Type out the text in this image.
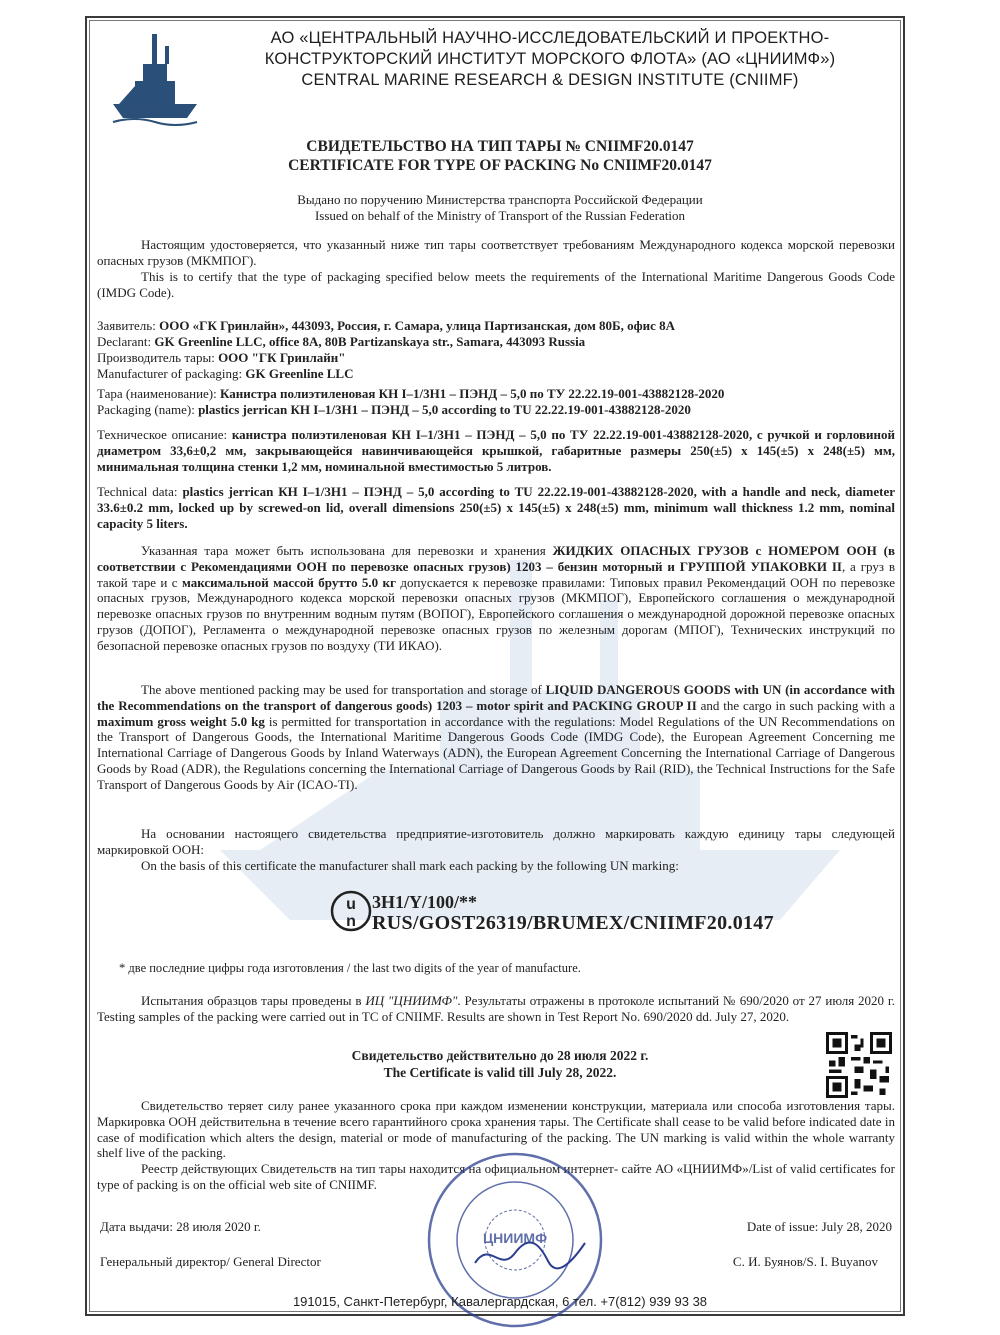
ЦНИИМФ
АО «ЦЕНТРАЛЬНЫЙ НАУЧНО-ИССЛЕДОВАТЕЛЬСКИЙ И ПРОЕКТНО-
КОНСТРУКТОРСКИЙ ИНСТИТУТ МОРСКОГО ФЛОТА» (АО «ЦНИИМФ»)
CENTRAL MARINE RESEARCH & DESIGN INSTITUTE (CNIIMF)
СВИДЕТЕЛЬСТВО НА ТИП ТАРЫ № CNIIMF20.0147
CERTIFICATE FOR TYPE OF PACKING No CNIIMF20.0147
Выдано по поручению Министерства транспорта Российской Федерации
Issued on behalf of the Ministry of Transport of the Russian Federation
Настоящим удостоверяется, что указанный ниже тип тары соответствует требованиям Международного кодекса морской перевозки опасных грузов (МКМПОГ).
This is to certify that the type of packaging specified below meets the requirements of the International Maritime Dangerous Goods Code (IMDG Code).
Заявитель: ООО «ГК Гринлайн», 443093, Россия, г. Самара, улица Партизанская, дом 80Б, офис 8А
Declarant: GK Greenline LLC, office 8A, 80B Partizanskaya str., Samara, 443093 Russia
Производитель тары: ООО "ГК Гринлайн"
Manufacturer of packaging: GK Greenline LLC
Тара (наименование): Канистра полиэтиленовая КН I–1/3Н1 – ПЭНД – 5,0 по ТУ 22.22.19-001-43882128-2020
Packaging (name): plastics jerrican КН I–1/3Н1 – ПЭНД – 5,0 according to TU 22.22.19-001-43882128-2020
Техническое описание: канистра полиэтиленовая КН I–1/3Н1 – ПЭНД – 5,0 по ТУ 22.22.19-001-43882128-2020, с ручкой и горловиной диаметром 33,6±0,2 мм, закрывающейся навинчивающейся крышкой, габаритные размеры 250(±5) х 145(±5) х 248(±5) мм, минимальная толщина стенки 1,2 мм, номинальной вместимостью 5 литров.
Technical data: plastics jerrican КН I–1/3Н1 – ПЭНД – 5,0 according to TU 22.22.19-001-43882128-2020, with a handle and neck, diameter 33.6±0.2 mm, locked up by screwed-on lid, overall dimensions 250(±5) x 145(±5) x 248(±5) mm, minimum wall thickness 1.2 mm, nominal capacity 5 liters.
Указанная тара может быть использована для перевозки и хранения ЖИДКИХ ОПАСНЫХ ГРУЗОВ с НОМЕРОМ ООН (в соответствии с Рекомендациями ООН по перевозке опасных грузов) 1203 – бензин моторный и ГРУППОЙ УПАКОВКИ II, а груз в такой таре и с максимальной массой брутто 5.0 кг допускается к перевозке правилами: Типовых правил Рекомендаций ООН по перевозке опасных грузов, Международного кодекса морской перевозки опасных грузов (МКМПОГ), Европейского соглашения о международной перевозке опасных грузов по внутренним водным путям (ВОПОГ), Европейского соглашения о международной дорожной перевозке опасных грузов (ДОПОГ), Регламента о международной перевозке опасных грузов по железным дорогам (МПОГ), Технических инструкций по безопасной перевозке опасных грузов по воздуху (ТИ ИКАО).
The above mentioned packing may be used for transportation and storage of LIQUID DANGEROUS GOODS with UN (in accordance with the Recommendations on the transport of dangerous goods) 1203 – motor spirit and PACKING GROUP II and the cargo in such packing with a maximum gross weight 5.0 kg is permitted for transportation in accordance with the regulations: Model Regulations of the UN Recommendations on the Transport of Dangerous Goods, the International Maritime Dangerous Goods Code (IMDG Code), the European Agreement Concerning me International Carriage of Dangerous Goods by Inland Waterways (ADN), the European Agreement Concerning the International Carriage of Dangerous Goods by Road (ADR), the Regulations concerning the International Carriage of Dangerous Goods by Rail (RID), the Technical Instructions for the Safe Transport of Dangerous Goods by Air (ICAO-TI).
На основании настоящего свидетельства предприятие-изготовитель должно маркировать каждую единицу тары следующей маркировкой ООН:
On the basis of this certificate the manufacturer shall mark each packing by the following UN marking:
u
n
3H1/Y/100/**
RUS/GOST26319/BRUMEX/CNIIMF20.0147
* две последние цифры года изготовления / the last two digits of the year of manufacture.
Испытания образцов тары проведены в ИЦ "ЦНИИМФ". Результаты отражены в протоколе испытаний № 690/2020 от 27 июля 2020 г. Testing samples of the packing were carried out in TC of CNIIMF. Results are shown in Test Report No. 690/2020 dd. July 27, 2020.
Свидетельство действительно до 28 июля 2022 г.
The Certificate is valid till July 28, 2022.
Свидетельство теряет силу ранее указанного срока при каждом изменении конструкции, материала или способа изготовления тары. Маркировка ООН действительна в течение всего гарантийного срока хранения тары. The Certificate shall cease to be valid before indicated date in case of modification which alters the design, material or mode of manufacturing of the packing. The UN marking is valid within the whole warranty shelf live of the packing.
Реестр действующих Свидетельств на тип тары находится на официальном интернет- сайте АО «ЦНИИМФ»/List of valid certificates for type of packing is on the official web site of CNIIMF.
Дата выдачи: 28 июля 2020 г.	Date of issue: July 28, 2020
Генеральный директор/ General Director	С. И. Буянов/S. I. Buyanov
ЦНИИМФ
191015, Санкт-Петербург, Кавалергардская, 6 тел. +7(812) 939 93 38
